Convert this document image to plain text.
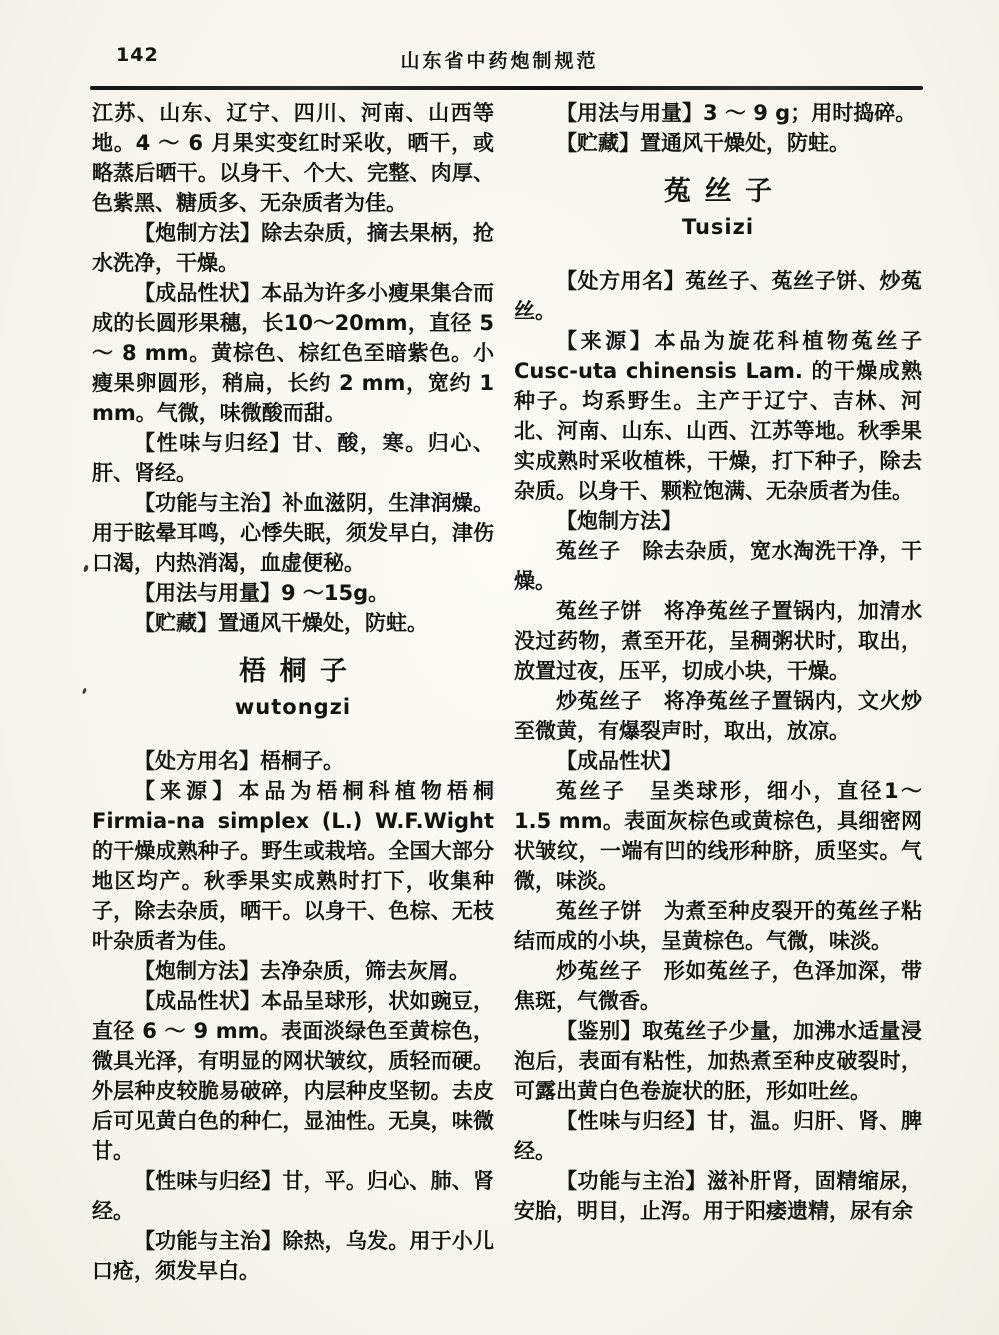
142	山东省中药炮制规范

江苏、山东、辽宁、四川、河南、山西等地。4 ～ 6 月果实变红时采收，晒干，或略蒸后晒干。以身干、个大、完整、肉厚、色紫黑、糖质多、无杂质者为佳。

【炮制方法】除去杂质，摘去果柄，抢水洗净，干燥。

【成品性状】本品为许多小瘦果集合而成的长圆形果穗，长10～20mm，直径 5 ～ 8 mm。黄棕色、棕红色至暗紫色。小瘦果卵圆形，稍扁，长约 2 mm，宽约 1 mm。气微，味微酸而甜。

【性味与归经】甘、酸，寒。归心、肝、肾经。

【功能与主治】补血滋阴，生津润燥。用于眩晕耳鸣，心悸失眠，须发早白，津伤口渴，内热消渴，血虚便秘。

【用法与用量】9 ～15g。

【贮藏】置通风干燥处，防蛀。

梧桐子
wutongzi

【处方用名】梧桐子。

【来源】本品为梧桐科植物梧桐Firmia-na simplex (L.) W.F.Wight 的干燥成熟种子。野生或栽培。全国大部分地区均产。秋季果实成熟时打下，收集种子，除去杂质，晒干。以身干、色棕、无枝叶杂质者为佳。

【炮制方法】去净杂质，筛去灰屑。

【成品性状】本品呈球形，状如豌豆，直径 6 ～ 9 mm。表面淡绿色至黄棕色，微具光泽，有明显的网状皱纹，质轻而硬。外层种皮较脆易破碎，内层种皮坚韧。去皮后可见黄白色的种仁，显油性。无臭，味微甘。

【性味与归经】甘，平。归心、肺、肾经。

【功能与主治】除热，乌发。用于小儿口疮，须发早白。

【用法与用量】3 ～ 9 g；用时捣碎。

【贮藏】置通风干燥处，防蛀。

菟丝子
Tusizi

【处方用名】菟丝子、菟丝子饼、炒菟丝。

【来源】本品为旋花科植物菟丝子Cusc-uta chinensis Lam. 的干燥成熟种子。均系野生。主产于辽宁、吉林、河北、河南、山东、山西、江苏等地。秋季果实成熟时采收植株，干燥，打下种子，除去杂质。以身干、颗粒饱满、无杂质者为佳。

【炮制方法】

菟丝子　除去杂质，宽水淘洗干净，干燥。

菟丝子饼　将净菟丝子置锅内，加清水没过药物，煮至开花，呈稠粥状时，取出，放置过夜，压平，切成小块，干燥。

炒菟丝子　将净菟丝子置锅内，文火炒至微黄，有爆裂声时，取出，放凉。

【成品性状】

菟丝子　呈类球形，细小，直径1～1.5 mm。表面灰棕色或黄棕色，具细密网状皱纹，一端有凹的线形种脐，质坚实。气微，味淡。

菟丝子饼　为煮至种皮裂开的菟丝子粘结而成的小块，呈黄棕色。气微，味淡。

炒菟丝子　形如菟丝子，色泽加深，带焦斑，气微香。

【鉴别】取菟丝子少量，加沸水适量浸泡后，表面有粘性，加热煮至种皮破裂时，可露出黄白色卷旋状的胚，形如吐丝。

【性味与归经】甘，温。归肝、肾、脾经。

【功能与主治】滋补肝肾，固精缩尿，安胎，明目，止泻。用于阳痿遗精，尿有余
